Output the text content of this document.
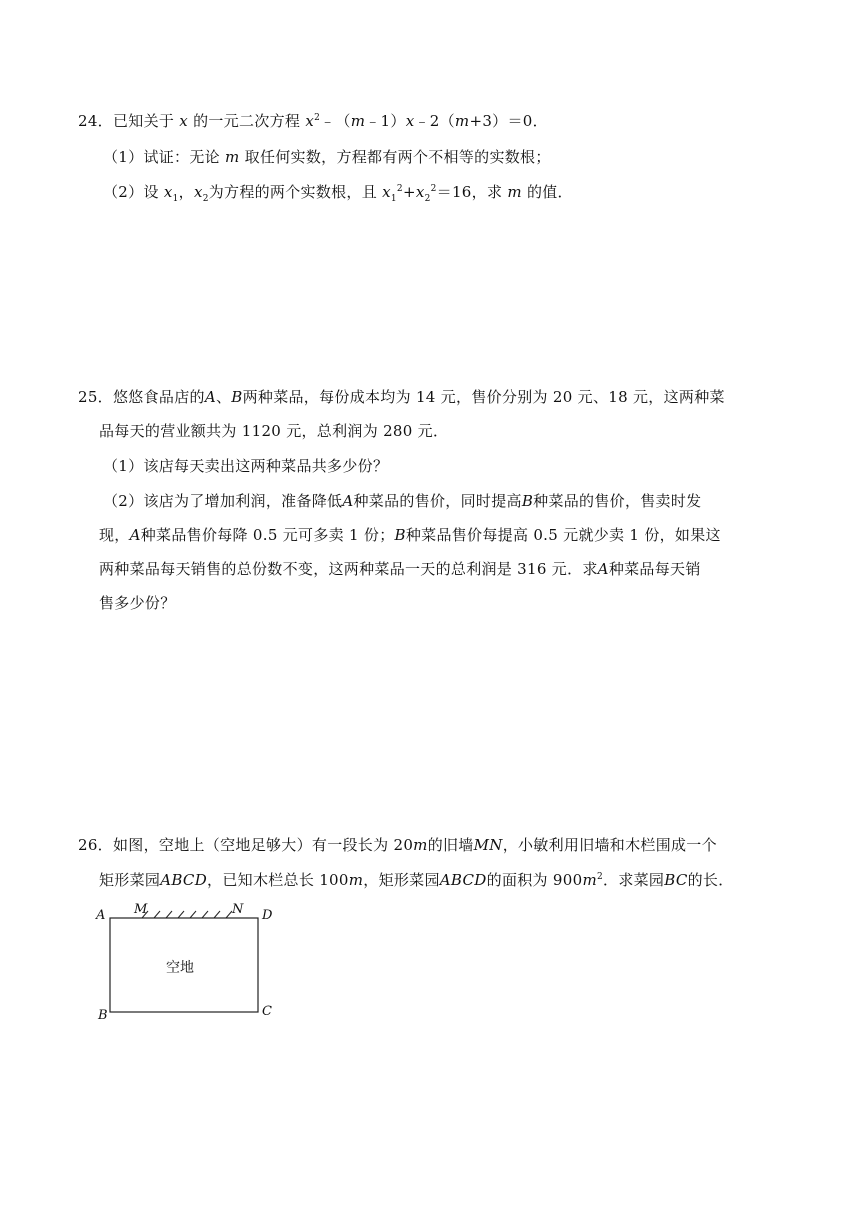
24．已知关于 x 的一元二次方程 $x^2﹣(m﹣1)x﹣2(m+3)=0$．
（1）试证：无论 m 取任何实数，方程都有两个不相等的实数根；
（2）设 $x_1$，$x_2$为方程的两个实数根，且 $x_1^2+x_2^2=16$，求 m 的值．
25．悠悠食品店的A、B两种菜品，每份成本均为 14 元，售价分别为 20 元、18 元，这两种菜
品每天的营业额共为 1120 元，总利润为 280 元．
（1）该店每天卖出这两种菜品共多少份？
（2）该店为了增加利润，准备降低A种菜品的售价，同时提高B种菜品的售价，售卖时发
现，A种菜品售价每降 0.5 元可多卖 1 份；B种菜品售价每提高 0.5 元就少卖 1 份，如果这
两种菜品每天销售的总份数不变，这两种菜品一天的总利润是 316 元．求A种菜品每天销
售多少份？
26．如图，空地上（空地足够大）有一段长为 20m的旧墙MN，小敏利用旧墙和木栏围成一个
矩形菜园ABCD，已知木栏总长 100m，矩形菜园ABCD的面积为 $900m^2$．求菜园BC的长．
A M	N D
B	C
空地
